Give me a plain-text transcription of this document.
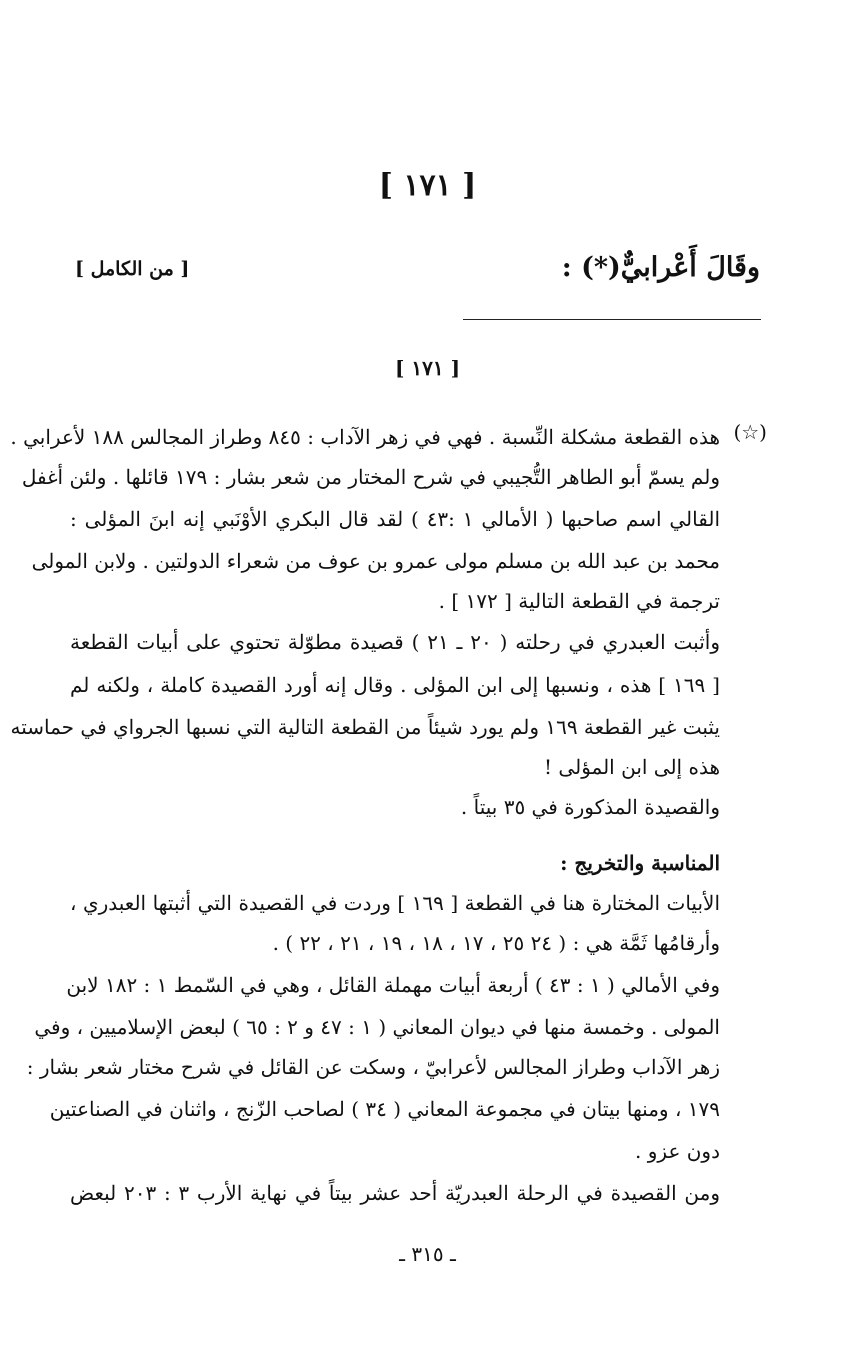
[ ١٧١ ]
وقَالَ أَعْرابيٌّ(*) :
[ من الكامل ]
[ ١٧١ ]
(☆)
هذه القطعة مشكلة النِّسبة . فهي في زهر الآداب : ٨٤٥ وطراز المجالس ١٨٨ لأعرابي .
ولم يسمّ أبو الطاهر التُّجيبي في شرح المختار من شعر بشار : ١٧٩ قائلها . ولئن أغفل
القالي اسم صاحبها ( الأمالي ١ :٤٣ ) لقد قال البكري الأوْنَبي إنه ابنَ المؤلى :
محمد بن عبد الله بن مسلم مولى عمرو بن عوف من شعراء الدولتين . ولابن المولى
ترجمة في القطعة التالية [ ١٧٢ ] .
وأثبت العبدري في رحلته ( ٢٠ ـ ٢١ ) قصيدة مطوّلة تحتوي على أبيات القطعة
[ ١٦٩ ] هذه ، ونسبها إلى ابن المؤلى . وقال إنه أورد القصيدة كاملة ، ولكنه لم
يثبت غير القطعة ١٦٩ ولم يورد شيئاً من القطعة التالية التي نسبها الجرواي في حماسته
هذه إلى ابن المؤلى !
والقصيدة المذكورة في ٣٥ بيتاً .
المناسبة والتخريج :
الأبيات المختارة هنا في القطعة [ ١٦٩ ] وردت في القصيدة التي أثبتها العبدري ،
وأرقامُها ثَمَّة هي : ( ٢٤ ٢٥ ، ١٧ ، ١٨ ، ١٩ ، ٢١ ، ٢٢ ) .
وفي الأمالي ( ١ : ٤٣ ) أربعة أبيات مهملة القائل ، وهي في السّمط ١ : ١٨٢ لابن
المولى . وخمسة منها في ديوان المعاني ( ١ : ٤٧ و ٢ : ٦٥ ) لبعض الإسلاميين ، وفي
زهر الآداب وطراز المجالس لأعرابيّ ، وسكت عن القائل في شرح مختار شعر بشار :
١٧٩ ، ومنها بيتان في مجموعة المعاني ( ٣٤ ) لصاحب الزّنج ، واثنان في الصناعتين
دون عزو .
ومن القصيدة في الرحلة العبدريّة أحد عشر بيتاً في نهاية الأرب ٣ : ٢٠٣ لبعض
ـ ٣١٥ ـ
